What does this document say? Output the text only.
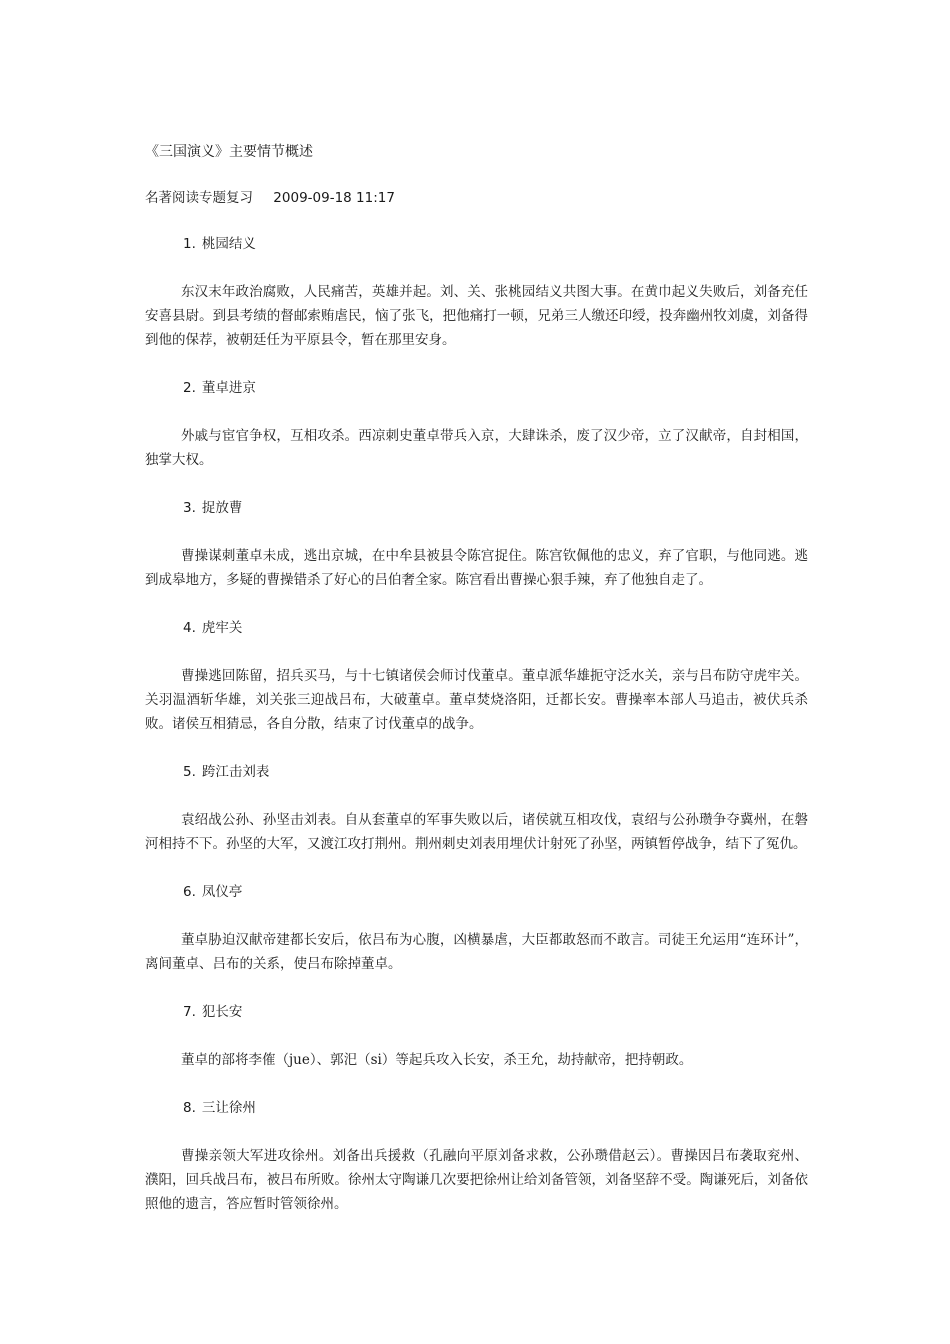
《三国演义》主要情节概述
名著阅读专题复习 2009-09-18 11:17
1. 桃园结义

东汉末年政治腐败，人民痛苦，英雄并起。刘、关、张桃园结义共图大事。在黄巾起义失败后，刘备充任安喜县尉。到县考绩的督邮索贿虐民，恼了张飞，把他痛打一顿，兄弟三人缴还印绶，投奔幽州牧刘虞，刘备得到他的保荐，被朝廷任为平原县令，暂在那里安身。

2. 董卓进京

外戚与宦官争权，互相攻杀。西凉刺史董卓带兵入京，大肆诛杀，废了汉少帝，立了汉献帝，自封相国，独掌大权。

3. 捉放曹

曹操谋刺董卓未成，逃出京城，在中牟县被县令陈宫捉住。陈宫钦佩他的忠义，弃了官职，与他同逃。逃到成皋地方，多疑的曹操错杀了好心的吕伯奢全家。陈宫看出曹操心狠手辣，弃了他独自走了。

4. 虎牢关

曹操逃回陈留，招兵买马，与十七镇诸侯会师讨伐董卓。董卓派华雄扼守泛水关，亲与吕布防守虎牢关。关羽温酒斩华雄，刘关张三迎战吕布，大破董卓。董卓焚烧洛阳，迁都长安。曹操率本部人马追击，被伏兵杀败。诸侯互相猜忌，各自分散，结束了讨伐董卓的战争。

5. 跨江击刘表

袁绍战公孙、孙坚击刘表。自从套董卓的军事失败以后，诸侯就互相攻伐，袁绍与公孙瓒争夺冀州，在磐河相持不下。孙坚的大军，又渡江攻打荆州。荆州刺史刘表用埋伏计射死了孙坚，两镇暂停战争，结下了冤仇。

6. 凤仪亭

董卓胁迫汉献帝建都长安后，依吕布为心腹，凶横暴虐，大臣都敢怒而不敢言。司徒王允运用“连环计”，离间董卓、吕布的关系，使吕布除掉董卓。

7. 犯长安

董卓的部将李傕（jue）、郭汜（si）等起兵攻入长安，杀王允，劫持献帝，把持朝政。

8. 三让徐州

曹操亲领大军进攻徐州。刘备出兵援救（孔融向平原刘备求救，公孙瓒借赵云）。曹操因吕布袭取兖州、濮阳，回兵战吕布，被吕布所败。徐州太守陶谦几次要把徐州让给刘备管领，刘备坚辞不受。陶谦死后，刘备依照他的遗言，答应暂时管领徐州。
